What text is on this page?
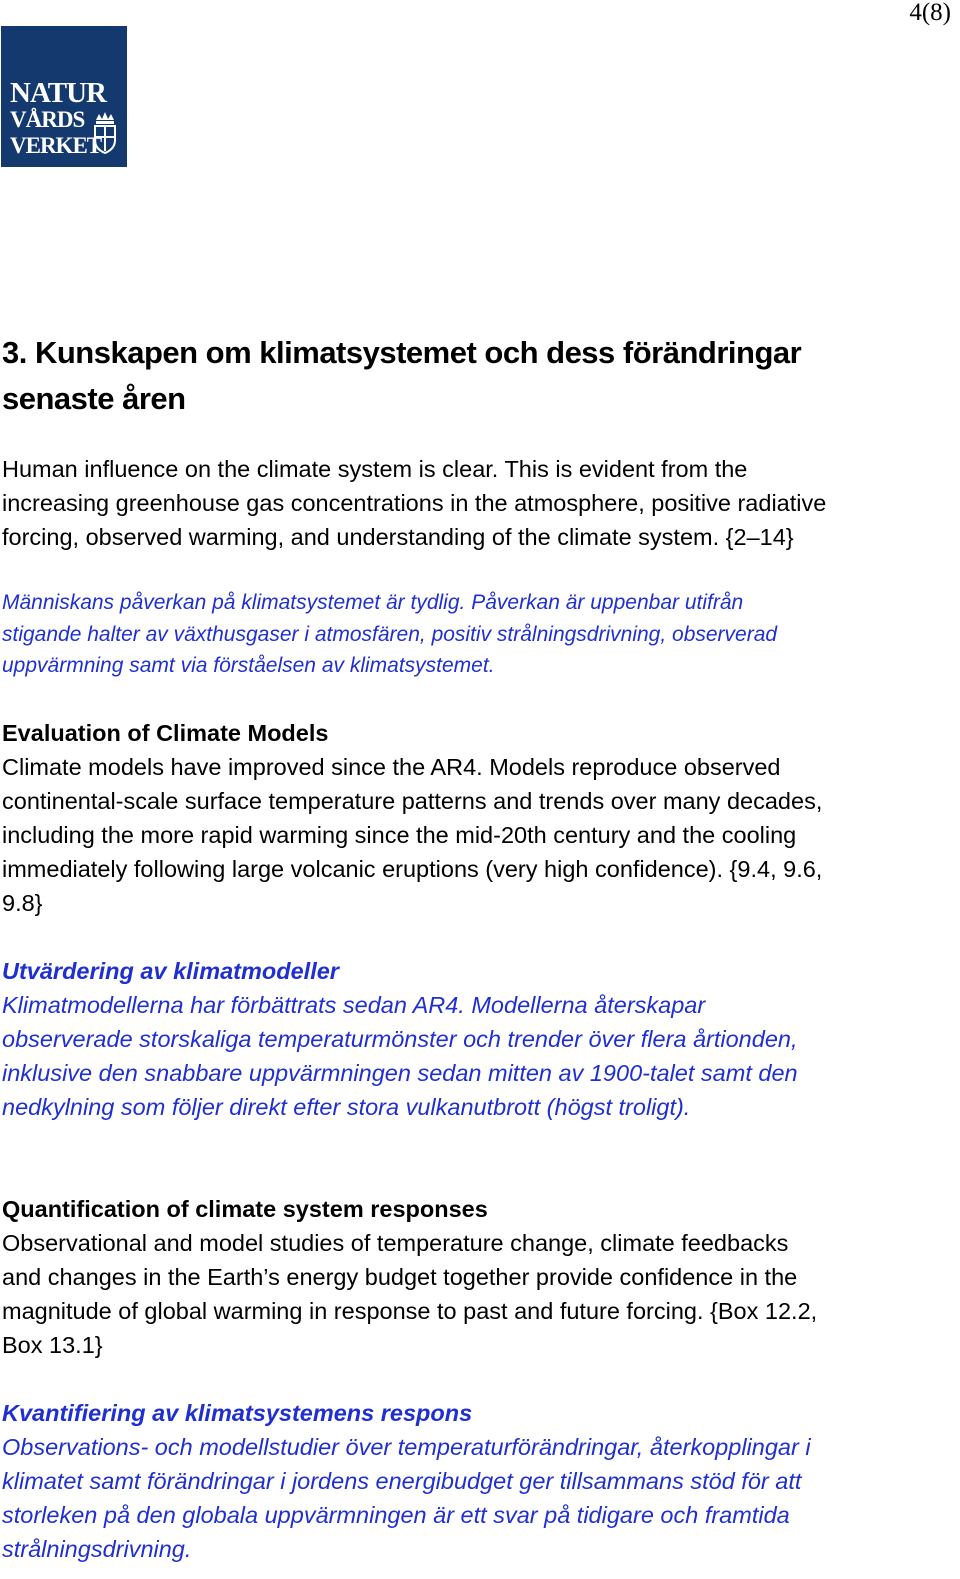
4(8)
NATUR
VÅRDS
VERKET
3. Kunskapen om klimatsystemet och dess förändringar
senaste åren

Human influence on the climate system is clear. This is evident from the
increasing greenhouse gas concentrations in the atmosphere, positive radiative
forcing, observed warming, and understanding of the climate system. {2–14}

Människans påverkan på klimatsystemet är tydlig. Påverkan är uppenbar utifrån
stigande halter av växthusgaser i atmosfären, positiv strålningsdrivning, observerad
uppvärmning samt via förståelsen av klimatsystemet.

Evaluation of Climate Models

Climate models have improved since the AR4. Models reproduce observed
continental-scale surface temperature patterns and trends over many decades,
including the more rapid warming since the mid-20th century and the cooling
immediately following large volcanic eruptions (very high confidence). {9.4, 9.6,
9.8}

Utvärdering av klimatmodeller

Klimatmodellerna har förbättrats sedan AR4. Modellerna återskapar
observerade storskaliga temperaturmönster och trender över flera årtionden,
inklusive den snabbare uppvärmningen sedan mitten av 1900-talet samt den
nedkylning som följer direkt efter stora vulkanutbrott (högst troligt).

Quantification of climate system responses

Observational and model studies of temperature change, climate feedbacks
and changes in the Earth’s energy budget together provide confidence in the
magnitude of global warming in response to past and future forcing. {Box 12.2,
Box 13.1}

Kvantifiering av klimatsystemens respons

Observations- och modellstudier över temperaturförändringar, återkopplingar i
klimatet samt förändringar i jordens energibudget ger tillsammans stöd för att
storleken på den globala uppvärmningen är ett svar på tidigare och framtida
strålningsdrivning.
